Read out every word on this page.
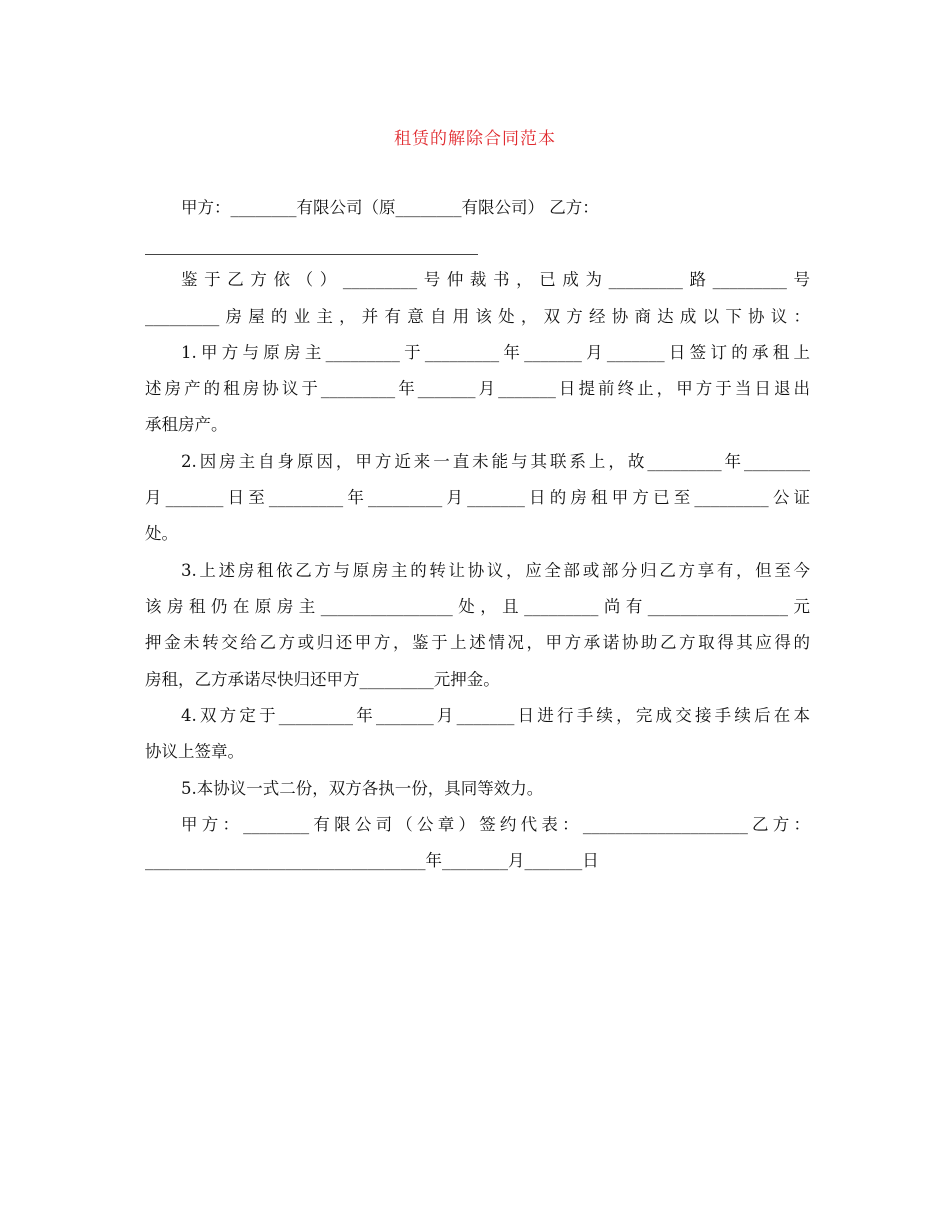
租赁的解除合同范本
甲方：________有限公司（原________有限公司） 乙方：
鉴于乙方依（）_________号仲裁书，已成为_________路_________号
_________房屋的业主，并有意自用该处，双方经协商达成以下协议：
1.甲方与原房主_________于_________年_______月_______日签订的承租上
述房产的租房协议于_________年_______月_______日提前终止，甲方于当日退出
承租房产。
2.因房主自身原因，甲方近来一直未能与其联系上，故_________年________
月_______日至_________年_________月_______日的房租甲方已至_________公证
处。
3.上述房租依乙方与原房主的转让协议，应全部或部分归乙方享有，但至今
该房租仍在原房主________________处，且_________尚有_________________元
押金未转交给乙方或归还甲方，鉴于上述情况，甲方承诺协助乙方取得其应得的
房租，乙方承诺尽快归还甲方_________元押金。
4.双方定于_________年_______月_______日进行手续，完成交接手续后在本
协议上签章。
5.本协议一式二份，双方各执一份，具同等效力。
甲方：________有限公司（公章）签约代表：____________________乙方：
__________________________________年________月_______日
